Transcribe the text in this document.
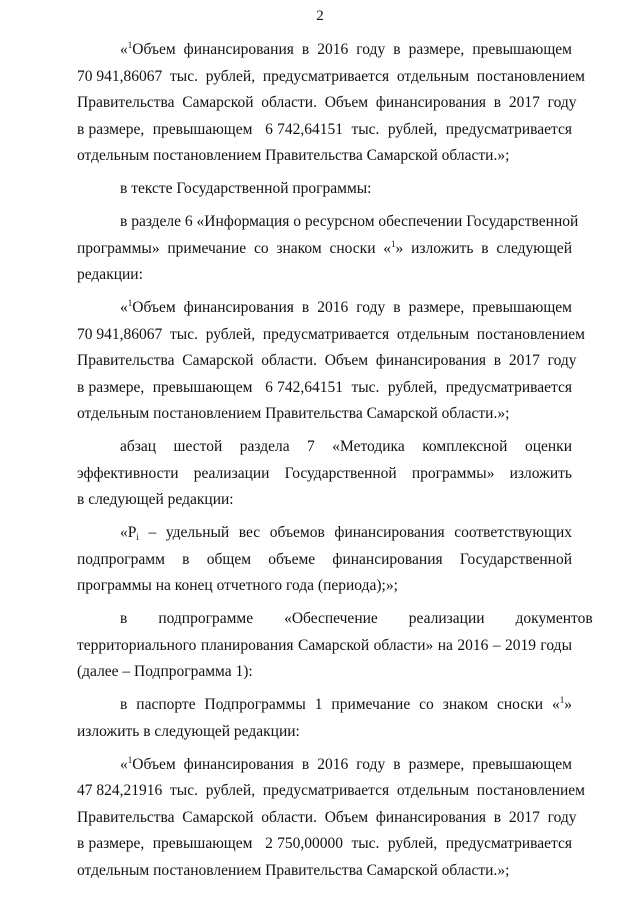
2

«$^1$Объем  финансирования  в  2016  году  в  размере,  превышающем
70 941,86067  тыс.  рублей,  предусматривается  отдельным  постановлением
Правительства  Самарской  области.  Объем  финансирования  в  2017  году
в размере,  превышающем   6 742,64151  тыс.  рублей,  предусматривается
отдельным постановлением Правительства Самарской области.»;

в тексте Государственной программы:

в разделе 6 «Информация о ресурсном обеспечении Государственной
программы»  примечание  со  знаком  сноски  «$^1$»  изложить  в  следующей
редакции:

«$^1$Объем  финансирования  в  2016  году  в  размере,  превышающем
70 941,86067  тыс.  рублей,  предусматривается  отдельным  постановлением
Правительства  Самарской  области.  Объем  финансирования  в  2017  году
в размере,  превышающем   6 742,64151  тыс.  рублей,  предусматривается
отдельным постановлением Правительства Самарской области.»;

абзац    шестой    раздела    7    «Методика    комплексной    оценки
эффективности   реализации   Государственной   программы»   изложить
в следующей редакции:

«$P_i$  –  удельный  вес  объемов  финансирования  соответствующих
подпрограмм   в   общем   объеме   финансирования   Государственной
программы на конец отчетного года (периода);»;

в        подпрограмме        «Обеспечение        реализации        документов
территориального планирования Самарской области» на 2016 – 2019 годы
(далее – Подпрограмма 1):

в  паспорте  Подпрограммы  1  примечание  со  знаком  сноски  «$^1$»
изложить в следующей редакции:

«$^1$Объем  финансирования  в  2016  году  в  размере,  превышающем
47 824,21916  тыс.  рублей,  предусматривается  отдельным  постановлением
Правительства  Самарской  области.  Объем  финансирования  в  2017  году
в размере,  превышающем   2 750,00000  тыс.  рублей,  предусматривается
отдельным постановлением Правительства Самарской области.»;
